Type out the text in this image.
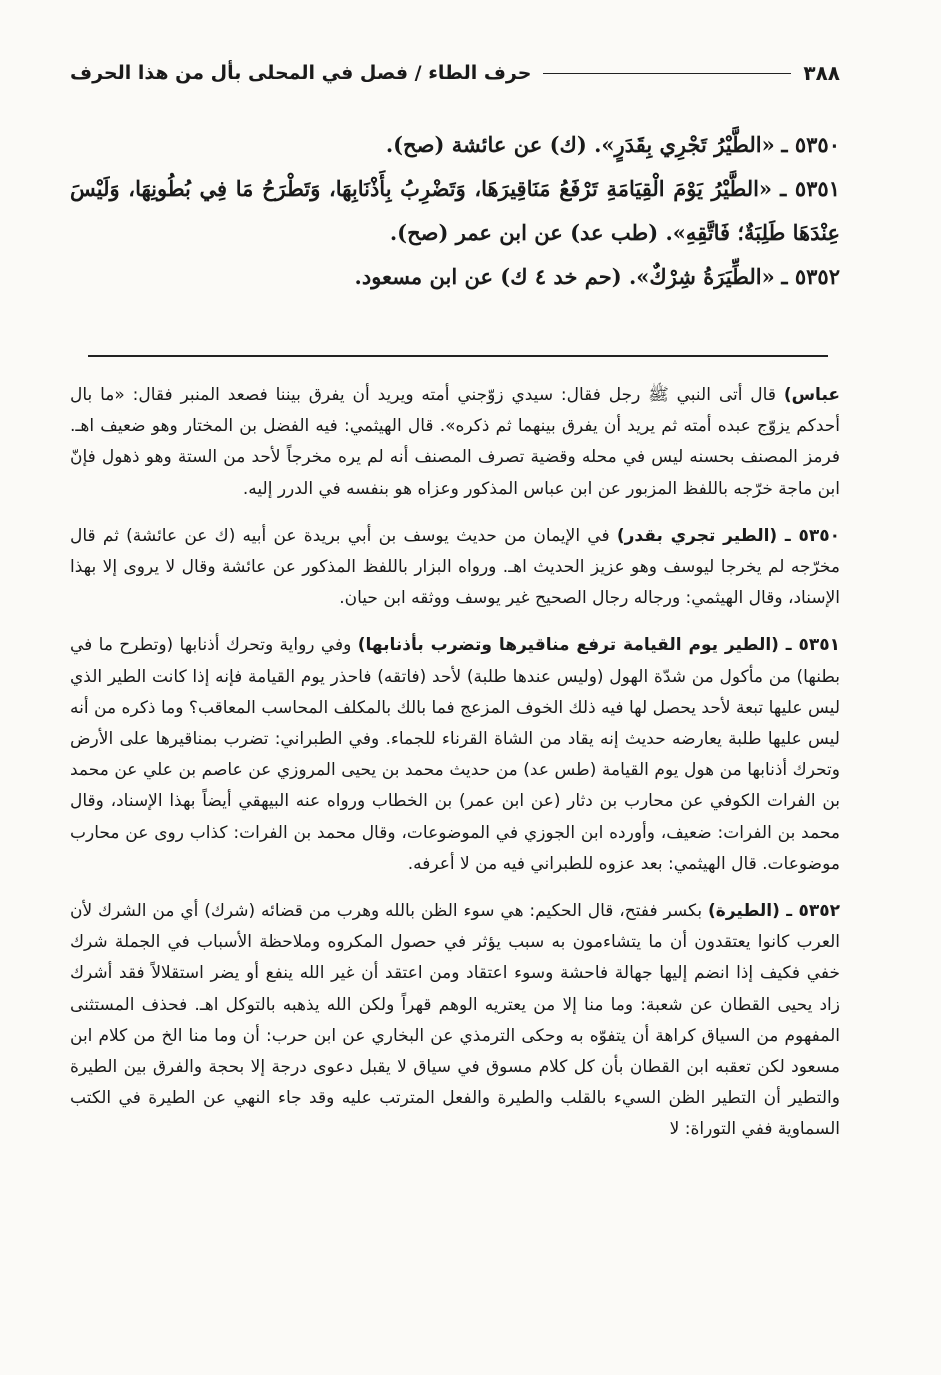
٣٨٨
حرف الطاء / فصل في المحلى بأل من هذا الحرف

٥٣٥٠ ـ «الطَّيْرُ تَجْرِي بِقَدَرٍ». (ك) عن عائشة (صح).

٥٣٥١ ـ «الطَّيْرُ يَوْمَ الْقِيَامَةِ تَرْفَعُ مَنَاقِيرَهَا، وَتَضْرِبُ بِأَذْنَابِهَا، وَتَطْرَحُ مَا فِي بُطُونِهَا، وَلَيْسَ عِنْدَهَا طَلِبَةٌ؛ فَاتَّقِهِ». (طب عد) عن ابن عمر (صح).

٥٣٥٢ ـ «الطِّيَرَةُ شِرْكٌ». (حم خد ٤ ك) عن ابن مسعود.

عباس) قال أتى النبي ﷺ رجل فقال: سيدي زوّجني أمته ويريد أن يفرق بيننا فصعد المنبر فقال: «ما بال أحدكم يزوّج عبده أمته ثم يريد أن يفرق بينهما ثم ذكره». قال الهيثمي: فيه الفضل بن المختار وهو ضعيف اهـ. فرمز المصنف بحسنه ليس في محله وقضية تصرف المصنف أنه لم يره مخرجاً لأحد من الستة وهو ذهول فإنّ ابن ماجة خرّجه باللفظ المزبور عن ابن عباس المذكور وعزاه هو بنفسه في الدرر إليه.

٥٣٥٠ ـ (الطير تجري بقدر) في الإيمان من حديث يوسف بن أبي بريدة عن أبيه (ك عن عائشة) ثم قال مخرّجه لم يخرجا ليوسف وهو عزيز الحديث اهـ. ورواه البزار باللفظ المذكور عن عائشة وقال لا يروى إلا بهذا الإسناد، وقال الهيثمي: ورجاله رجال الصحيح غير يوسف ووثقه ابن حيان.

٥٣٥١ ـ (الطير يوم القيامة ترفع مناقيرها وتضرب بأذنابها) وفي رواية وتحرك أذنابها (وتطرح ما في بطنها) من مأكول من شدّة الهول (وليس عندها طلبة) لأحد (فاتقه) فاحذر يوم القيامة فإنه إذا كانت الطير الذي ليس عليها تبعة لأحد يحصل لها فيه ذلك الخوف المزعج فما بالك بالمكلف المحاسب المعاقب؟ وما ذكره من أنه ليس عليها طلبة يعارضه حديث إنه يقاد من الشاة القرناء للجماء. وفي الطبراني: تضرب بمناقيرها على الأرض وتحرك أذنابها من هول يوم القيامة (طس عد) من حديث محمد بن يحيى المروزي عن عاصم بن علي عن محمد بن الفرات الكوفي عن محارب بن دثار (عن ابن عمر) بن الخطاب ورواه عنه البيهقي أيضاً بهذا الإسناد، وقال محمد بن الفرات: ضعيف، وأورده ابن الجوزي في الموضوعات، وقال محمد بن الفرات: كذاب روى عن محارب موضوعات. قال الهيثمي: بعد عزوه للطبراني فيه من لا أعرفه.

٥٣٥٢ ـ (الطيرة) بكسر ففتح، قال الحكيم: هي سوء الظن بالله وهرب من قضائه (شرك) أي من الشرك لأن العرب كانوا يعتقدون أن ما يتشاءمون به سبب يؤثر في حصول المكروه وملاحظة الأسباب في الجملة شرك خفي فكيف إذا انضم إليها جهالة فاحشة وسوء اعتقاد ومن اعتقد أن غير الله ينفع أو يضر استقلالاً فقد أشرك زاد يحيى القطان عن شعبة: وما منا إلا من يعتريه الوهم قهراً ولكن الله يذهبه بالتوكل اهـ. فحذف المستثنى المفهوم من السياق كراهة أن يتفوّه به وحكى الترمذي عن البخاري عن ابن حرب: أن وما منا الخ من كلام ابن مسعود لكن تعقبه ابن القطان بأن كل كلام مسوق في سياق لا يقبل دعوى درجة إلا بحجة والفرق بين الطيرة والتطير أن التطير الظن السيء بالقلب والطيرة والفعل المترتب عليه وقد جاء النهي عن الطيرة في الكتب السماوية ففي التوراة: لا
